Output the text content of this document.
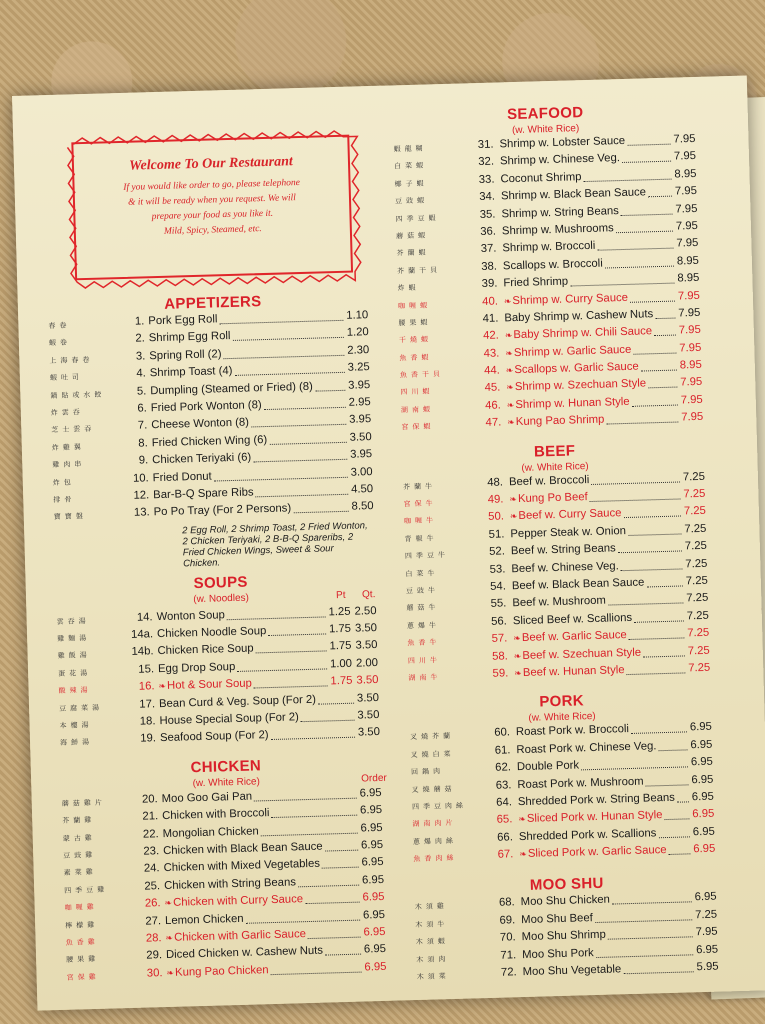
Welcome To Our Restaurant
If you would like order to go, please telephone
& it will be ready when you request. We will
prepare your food as you like it.
Mild, Spicy, Steamed, etc.
APPETIZERS
春卷	1. Pork Egg Roll	1.10
蝦卷	2. Shrimp Egg Roll	1.20
上海春卷	3. Spring Roll (2)	2.30
蝦吐司	4. Shrimp Toast (4)	3.25
鍋貼或水餃	5. Dumpling (Steamed or Fried) (8)	3.95
炸雲吞	6. Fried Pork Wonton (8)	2.95
芝士雲吞	7. Cheese Wonton (8)	3.95
炸雞翼	8. Fried Chicken Wing (6)	3.50
雞肉串	9. Chicken Teriyaki (6)	3.95
炸包	10. Fried Donut	3.00
排骨	12. Bar-B-Q Spare Ribs	4.50
寶寶盤	13. Po Po Tray (For 2 Persons)	8.50
2 Egg Roll, 2 Shrimp Toast, 2 Fried Wonton, 2 Chicken Teriyaki, 2 B-B-Q Spareribs, 2 Fried Chicken Wings, Sweet & Sour Chicken.
SOUPS
(w. Noodles)	Pt Qt.
雲吞湯	14. Wonton Soup	1.25 2.50
雞麵湯	14a. Chicken Noodle Soup	1.75 3.50
雞飯湯	14b. Chicken Rice Soup	1.75 3.50
蛋花湯	15. Egg Drop Soup	1.00 2.00
酸辣湯	16. ❧Hot & Sour Soup	1.75 3.50
豆腐菜湯	17. Bean Curd & Veg. Soup (For 2)	3.50
本樓湯	18. House Special Soup (For 2)	3.50
海鮮湯	19. Seafood Soup (For 2)	3.50
CHICKEN
(w. White Rice)	Order
蘑菇雞片	20. Moo Goo Gai Pan	6.95
芥蘭雞	21. Chicken with Broccoli	6.95
蒙古雞	22. Mongolian Chicken	6.95
豆豉雞	23. Chicken with Black Bean Sauce	6.95
素菜雞	24. Chicken with Mixed Vegetables	6.95
四季豆雞	25. Chicken with String Beans	6.95
咖喱雞	26. ❧Chicken with Curry Sauce	6.95
檸檬雞	27. Lemon Chicken	6.95
魚香雞	28. ❧Chicken with Garlic Sauce	6.95
腰果雞	29. Diced Chicken w. Cashew Nuts	6.95
宮保雞	30. ❧Kung Pao Chicken	6.95
SEAFOOD
(w. White Rice)
蝦龍糊	31. Shrimp w. Lobster Sauce	7.95
白菜蝦	32. Shrimp w. Chinese Veg.	7.95
椰子蝦	33. Coconut Shrimp	8.95
豆豉蝦	34. Shrimp w. Black Bean Sauce	7.95
四季豆蝦	35. Shrimp w. String Beans	7.95
蘑菇蝦	36. Shrimp w. Mushrooms	7.95
芥蘭蝦	37. Shrimp w. Broccoli	7.95
芥蘭干貝	38. Scallops w. Broccoli	8.95
炸蝦	39. Fried Shrimp	8.95
咖喱蝦	40. ❧Shrimp w. Curry Sauce	7.95
腰果蝦	41. Baby Shrimp w. Cashew Nuts 7.95
干燒蝦	42. ❧Baby Shrimp w. Chili Sauce 7.95
魚香蝦	43. ❧Shrimp w. Garlic Sauce	7.95
魚香干貝	44. ❧Scallops w. Garlic Sauce	8.95
四川蝦	45. ❧Shrimp w. Szechuan Style	7.95
湖南蝦	46. ❧Shrimp w. Hunan Style	7.95
宮保蝦	47. ❧Kung Pao Shrimp	7.95
BEEF
(w. White Rice)
芥蘭牛	48. Beef w. Broccoli	7.25
宮保牛	49. ❧Kung Po Beef	7.25
咖喱牛	50. ❧Beef w. Curry Sauce	7.25
青椒牛	51. Pepper Steak w. Onion	7.25
四季豆牛	52. Beef w. String Beans	7.25
白菜牛	53. Beef w. Chinese Veg.	7.25
豆豉牛	54. Beef w. Black Bean Sauce	7.25
蘑菇牛	55. Beef w. Mushroom	7.25
蔥爆牛	56. Sliced Beef w. Scallions	7.25
魚香牛	57. ❧Beef w. Garlic Sauce	7.25
四川牛	58. ❧Beef w. Szechuan Style	7.25
湖南牛	59. ❧Beef w. Hunan Style	7.25
PORK
(w. White Rice)
叉燒芥蘭	60. Roast Pork w. Broccoli	6.95
叉燒白菜	61. Roast Pork w. Chinese Veg.	6.95
回鍋肉	62. Double Pork	6.95
叉燒蘑菇	63. Roast Pork w. Mushroom	6.95
四季豆肉絲	64. Shredded Pork w. String Beans 6.95
湖南肉片	65. ❧Sliced Pork w. Hunan Style	6.95
蔥爆肉絲	66. Shredded Pork w. Scallions	6.95
魚香肉絲	67. ❧Sliced Pork w. Garlic Sauce 6.95
MOO SHU
木須雞	68. Moo Shu Chicken	6.95
木須牛	69. Moo Shu Beef	7.25
木須蝦	70. Moo Shu Shrimp	7.95
木須肉	71. Moo Shu Pork	6.95
木須菜	72. Moo Shu Vegetable	5.95
